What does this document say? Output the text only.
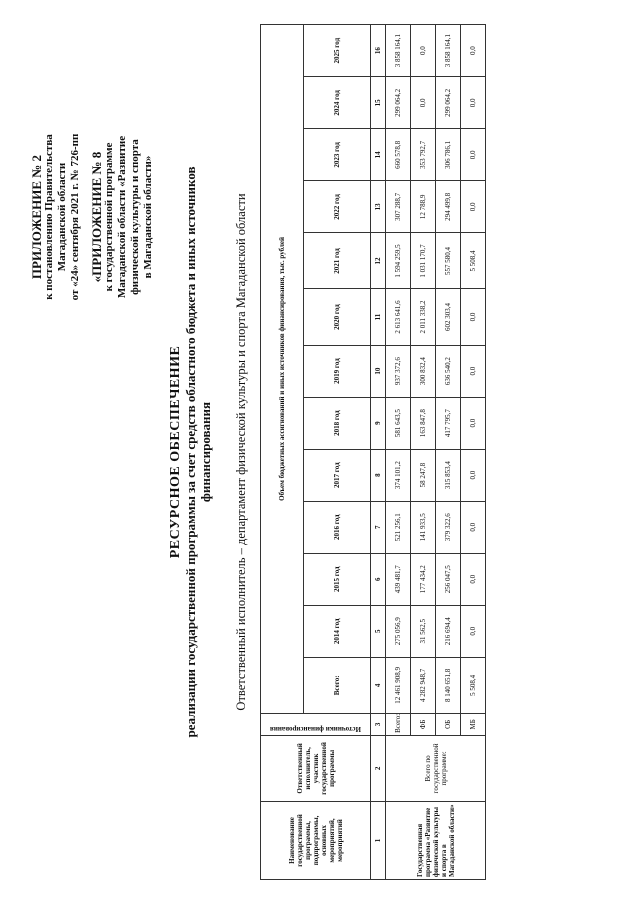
ПРИЛОЖЕНИЕ № 2 к постановлению Правительства Магаданской области от «24» сентября 2021 г. № 726-пп «ПРИЛОЖЕНИЕ № 8 к государственной программе Магаданской области «Развитие физической культуры и спорта в Магаданской области»
РЕСУРСНОЕ ОБЕСПЕЧЕНИЕ реализации государственной программы за счет средств областного бюджета и иных источников финансирования Ответственный исполнитель – департамент физической культуры и спорта Магаданской области
Наименование государственной программы, подпрограммы, основных мероприятий, мероприятий	Ответственный исполнитель, участник государственной программы	Источники финансирования	Объем бюджетных ассигнований и иных источников финансирования, тыс. рублей												
			Всего:	2014 год	2015 год	2016 год	2017 год	2018 год	2019 год	2020 год	2021 год	2022 год	2023 год	2024 год	2025 год
1	2	3	4	5	6	7	8	9	10	11	12	13	14	15	16
Государственная программа «Развитие физической культуры и спорта в Магаданской области»	Всего по государственной программе:	Всего:	12 461 908,9	275 056,9	439 481,7	521 256,1	374 101,2	581 643,5	937 372,6	2 613 641,6	1 594 259,5	307 288,7	660 578,8	299 064,2	3 858 164,1
		ФБ	4 282 948,7	31 562,5	177 434,2	141 933,5	58 247,8	163 847,8	300 832,4	2 011 338,2	1 031 170,7	12 788,9	353 792,7	0,0	0,0
		ОБ	8 140 651,8	216 694,4	256 047,5	379 322,6	315 853,4	417 795,7	636 540,2	602 303,4	557 580,4	294 499,8	306 786,1	299 064,2	3 858 164,1
		МБ	5 508,4	0,0	0,0	0,0	0,0	0,0	0,0	0,0	5 508,4	0,0	0,0	0,0	0,0
